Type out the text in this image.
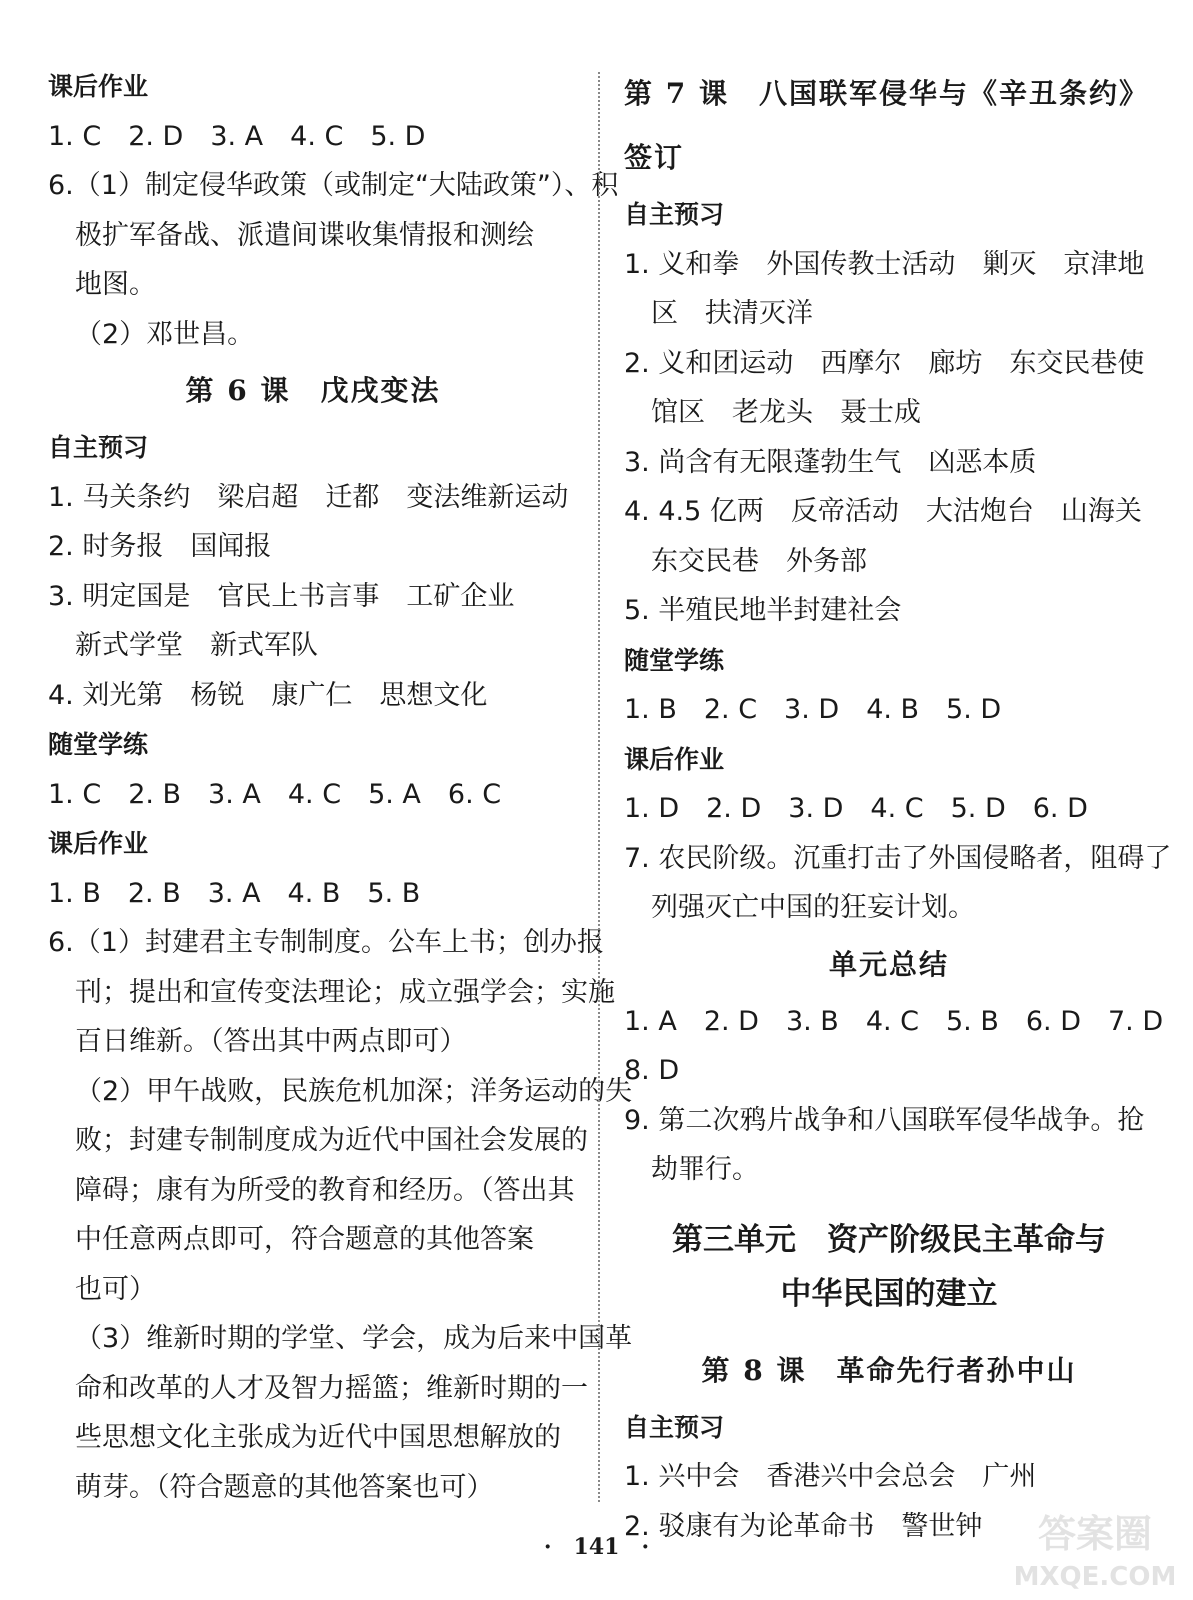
课后作业
1. C　2. D　3. A　4. C　5. D
6.（1）制定侵华政策（或制定“大陆政策”）、积
极扩军备战、派遣间谍收集情报和测绘
地图。
（2）邓世昌。
第 6 课　戊戌变法
自主预习
1. 马关条约　梁启超　迁都　变法维新运动
2. 时务报　国闻报
3. 明定国是　官民上书言事　工矿企业
新式学堂　新式军队
4. 刘光第　杨锐　康广仁　思想文化
随堂学练
1. C　2. B　3. A　4. C　5. A　6. C
课后作业
1. B　2. B　3. A　4. B　5. B
6.（1）封建君主专制制度。公车上书；创办报
刊；提出和宣传变法理论；成立强学会；实施
百日维新。（答出其中两点即可）
（2）甲午战败，民族危机加深；洋务运动的失
败；封建专制制度成为近代中国社会发展的
障碍；康有为所受的教育和经历。（答出其
中任意两点即可，符合题意的其他答案
也可）
（3）维新时期的学堂、学会，成为后来中国革
命和改革的人才及智力摇篮；维新时期的一
些思想文化主张成为近代中国思想解放的
萌芽。（符合题意的其他答案也可）
第 7 课　八国联军侵华与《辛丑条约》签订
自主预习
1. 义和拳　外国传教士活动　剿灭　京津地
区　扶清灭洋
2. 义和团运动　西摩尔　廊坊　东交民巷使
馆区　老龙头　聂士成
3. 尚含有无限蓬勃生气　凶恶本质
4. 4.5 亿两　反帝活动　大沽炮台　山海关
东交民巷　外务部
5. 半殖民地半封建社会
随堂学练
1. B　2. C　3. D　4. B　5. D
课后作业
1. D　2. D　3. D　4. C　5. D　6. D
7. 农民阶级。沉重打击了外国侵略者，阻碍了
列强灭亡中国的狂妄计划。
单元总结
1. A　2. D　3. B　4. C　5. B　6. D　7. D
8. D
9. 第二次鸦片战争和八国联军侵华战争。抢
劫罪行。
第三单元　资产阶级民主革命与
中华民国的建立
第 8 课　革命先行者孙中山
自主预习
1. 兴中会　香港兴中会总会　广州
2. 驳康有为论革命书　警世钟
·　141　·	答案圈
MXQE.COM
